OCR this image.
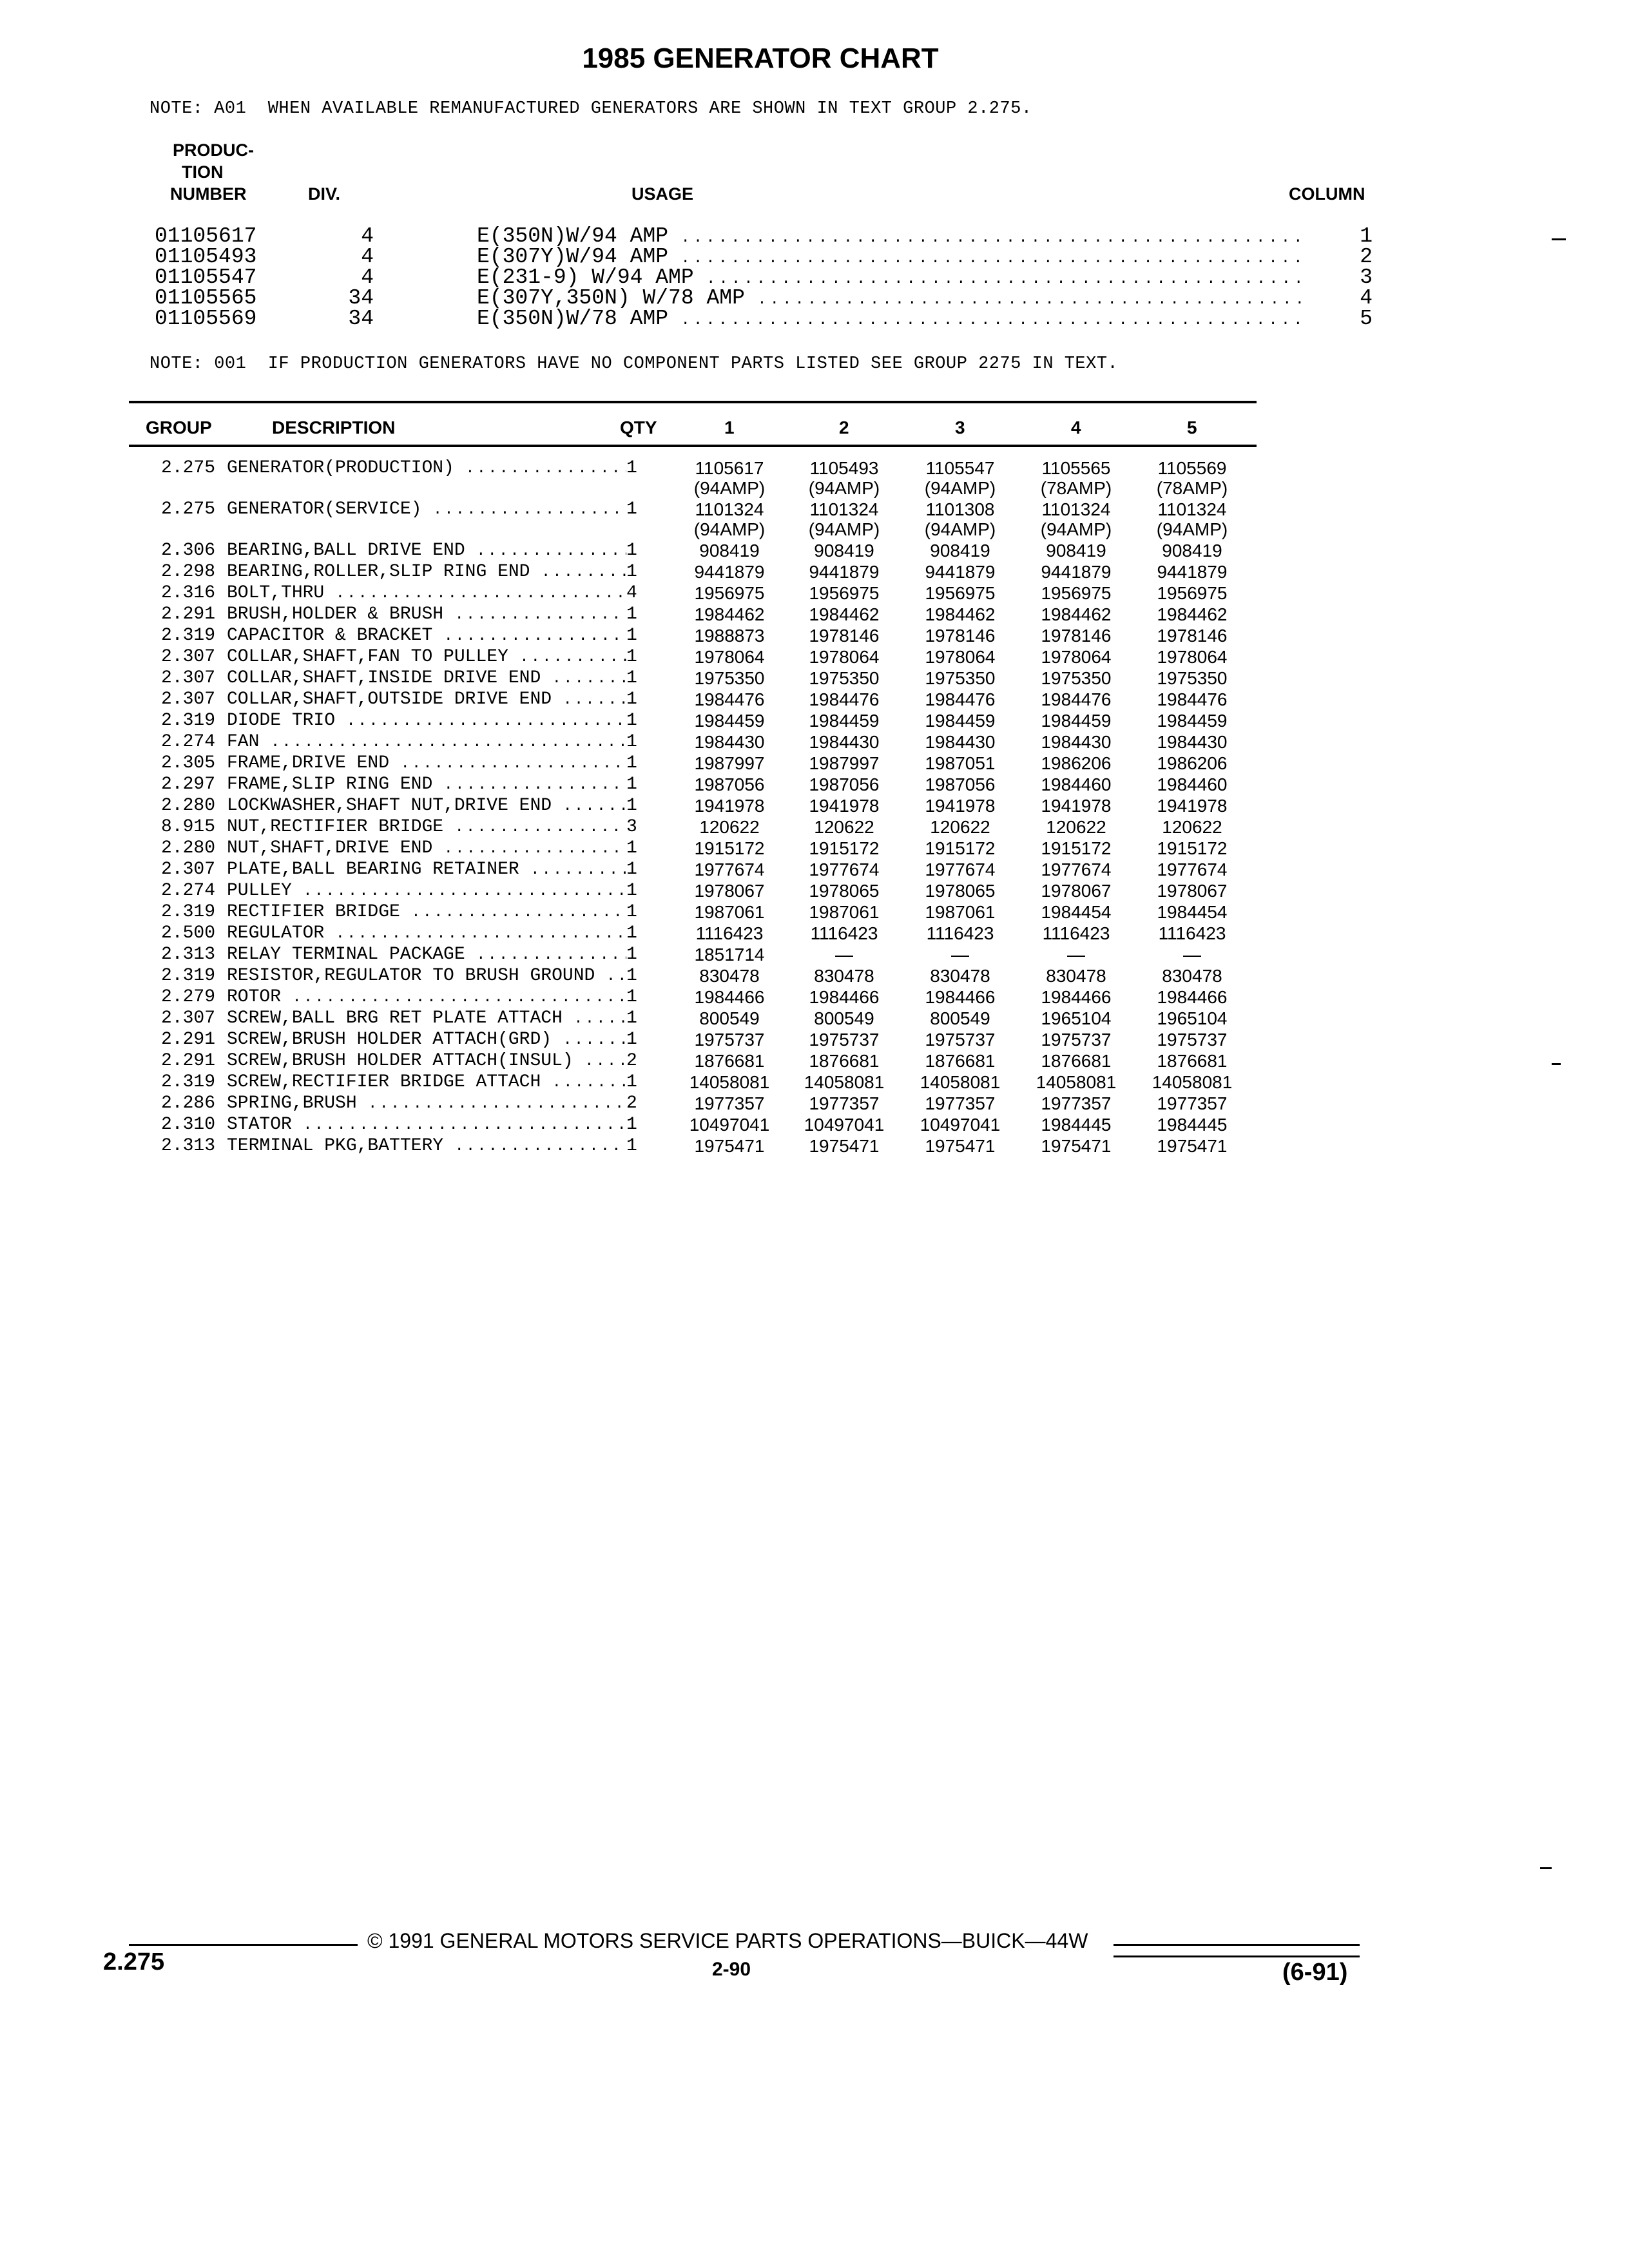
1985 GENERATOR CHART
NOTE: A01  WHEN AVAILABLE REMANUFACTURED GENERATORS ARE SHOWN IN TEXT GROUP 2.275.
PRODUC-
TION
NUMBER	DIV.	USAGE	COLUMN
01105617	4	E(350N)W/94 AMP .....	1
01105493	4	E(307Y)W/94 AMP .....	2
01105547	4	E(231-9) W/94 AMP .....	3
01105565	34	E(307Y,350N) W/78 AMP .....	4
01105569	34	E(350N)W/78 AMP .....	5
NOTE: 001  IF PRODUCTION GENERATORS HAVE NO COMPONENT PARTS LISTED SEE GROUP 2275 IN TEXT.
GROUP	DESCRIPTION	QTY	1	2	3	4	5
2.275 GENERATOR(PRODUCTION) .....	1	1105617	1105493	1105547	1105565	1105569
(94AMP)	(94AMP)	(94AMP)	(78AMP)	(78AMP)
2.275 GENERATOR(SERVICE) .....	1	1101324	1101324	1101308	1101324	1101324
(94AMP)	(94AMP)	(94AMP)	(94AMP)	(94AMP)
2.306 BEARING,BALL DRIVE END .....	1	908419	908419	908419	908419	908419
2.298 BEARING,ROLLER,SLIP RING END .....	1	9441879	9441879	9441879	9441879	9441879
2.316 BOLT,THRU .....	4	1956975	1956975	1956975	1956975	1956975
2.291 BRUSH,HOLDER & BRUSH .....	1	1984462	1984462	1984462	1984462	1984462
2.319 CAPACITOR & BRACKET .....	1	1988873	1978146	1978146	1978146	1978146
2.307 COLLAR,SHAFT,FAN TO PULLEY .....	1	1978064	1978064	1978064	1978064	1978064
2.307 COLLAR,SHAFT,INSIDE DRIVE END .....	1	1975350	1975350	1975350	1975350	1975350
2.307 COLLAR,SHAFT,OUTSIDE DRIVE END .....	1	1984476	1984476	1984476	1984476	1984476
2.319 DIODE TRIO .....	1	1984459	1984459	1984459	1984459	1984459
2.274 FAN .....	1	1984430	1984430	1984430	1984430	1984430
2.305 FRAME,DRIVE END .....	1	1987997	1987997	1987051	1986206	1986206
2.297 FRAME,SLIP RING END .....	1	1987056	1987056	1987056	1984460	1984460
2.280 LOCKWASHER,SHAFT NUT,DRIVE END .....	1	1941978	1941978	1941978	1941978	1941978
8.915 NUT,RECTIFIER BRIDGE .....	3	120622	120622	120622	120622	120622
2.280 NUT,SHAFT,DRIVE END .....	1	1915172	1915172	1915172	1915172	1915172
2.307 PLATE,BALL BEARING RETAINER .....	1	1977674	1977674	1977674	1977674	1977674
2.274 PULLEY .....	1	1978067	1978065	1978065	1978067	1978067
2.319 RECTIFIER BRIDGE .....	1	1987061	1987061	1987061	1984454	1984454
2.500 REGULATOR .....	1	1116423	1116423	1116423	1116423	1116423
2.313 RELAY TERMINAL PACKAGE .....	1	1851714	—	—	—	—
2.319 RESISTOR,REGULATOR TO BRUSH GROUND .....	1	830478	830478	830478	830478	830478
2.279 ROTOR .....	1	1984466	1984466	1984466	1984466	1984466
2.307 SCREW,BALL BRG RET PLATE ATTACH .....	1	800549	800549	800549	1965104	1965104
2.291 SCREW,BRUSH HOLDER ATTACH(GRD) .....	1	1975737	1975737	1975737	1975737	1975737
2.291 SCREW,BRUSH HOLDER ATTACH(INSUL) .....	2	1876681	1876681	1876681	1876681	1876681
2.319 SCREW,RECTIFIER BRIDGE ATTACH .....	1	14058081	14058081	14058081	14058081	14058081
2.286 SPRING,BRUSH .....	2	1977357	1977357	1977357	1977357	1977357
2.310 STATOR .....	1	10497041	10497041	10497041	1984445	1984445
2.313 TERMINAL PKG,BATTERY .....	1	1975471	1975471	1975471	1975471	1975471
© 1991 GENERAL MOTORS SERVICE PARTS OPERATIONS—BUICK—44W
2.275	2-90	(6-91)
